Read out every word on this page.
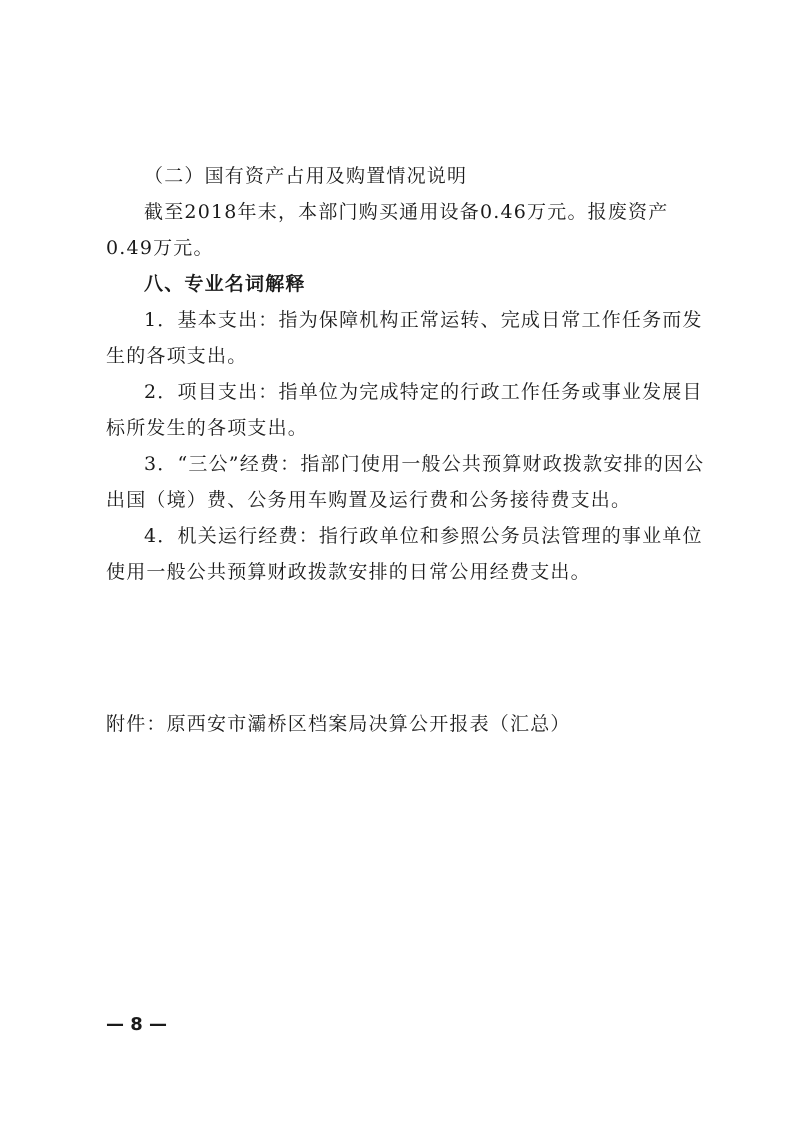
（二）国有资产占用及购置情况说明

截至2018年末，本部门购买通用设备0.46万元。报废资产0.49万元。

八、专业名词解释

1．基本支出：指为保障机构正常运转、完成日常工作任务而发生的各项支出。

2．项目支出：指单位为完成特定的行政工作任务或事业发展目标所发生的各项支出。

3．“三公”经费：指部门使用一般公共预算财政拨款安排的因公出国（境）费、公务用车购置及运行费和公务接待费支出。

4．机关运行经费：指行政单位和参照公务员法管理的事业单位使用一般公共预算财政拨款安排的日常公用经费支出。

附件：原西安市灞桥区档案局决算公开报表（汇总）

— 8 —
